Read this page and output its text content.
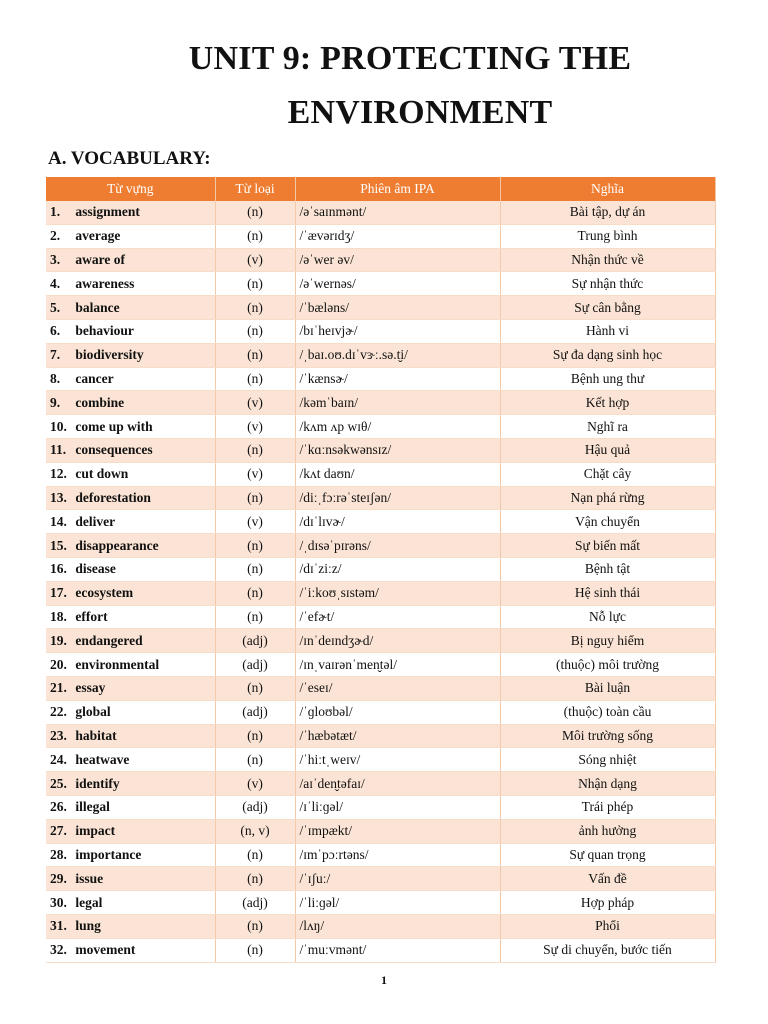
UNIT 9: PROTECTING THE
ENVIRONMENT
A. VOCABULARY:
Từ vựng	Từ loại	Phiên âm IPA	Nghĩa
1. assignment	(n)	/əˈsaɪnmənt/	Bài tập, dự án
2. average	(n)	/ˈævərɪdʒ/	Trung bình
3. aware of	(v)	/əˈwer əv/	Nhận thức về
4. awareness	(n)	/əˈwernəs/	Sự nhận thức
5. balance	(n)	/ˈbæləns/	Sự cân bằng
6. behaviour	(n)	/bɪˈheɪvjɚ/	Hành vi
7. biodiversity	(n)	/ˌbaɪ.oʊ.dɪˈvɝː.sə.t̬i/	Sự đa dạng sinh học
8. cancer	(n)	/ˈkænsɚ/	Bệnh ung thư
9. combine	(v)	/kəmˈbaɪn/	Kết hợp
10. come up with	(v)	/kʌm ʌp wɪθ/	Nghĩ ra
11. consequences	(n)	/ˈkɑːnsəkwənsɪz/	Hậu quả
12. cut down	(v)	/kʌt daʊn/	Chặt cây
13. deforestation	(n)	/diːˌfɔːrəˈsteɪʃən/	Nạn phá rừng
14. deliver	(v)	/dɪˈlɪvɚ/	Vận chuyển
15. disappearance	(n)	/ˌdɪsəˈpɪrəns/	Sự biến mất
16. disease	(n)	/dɪˈziːz/	Bệnh tật
17. ecosystem	(n)	/ˈiːkoʊˌsɪstəm/	Hệ sinh thái
18. effort	(n)	/ˈefɚt/	Nỗ lực
19. endangered	(adj)	/ɪnˈdeɪndʒɚd/	Bị nguy hiểm
20. environmental	(adj)	/ɪnˌvaɪrənˈmen̬təl/	(thuộc) môi trường
21. essay	(n)	/ˈeseɪ/	Bài luận
22. global	(adj)	/ˈɡloʊbəl/	(thuộc) toàn cầu
23. habitat	(n)	/ˈhæbətæt/	Môi trường sống
24. heatwave	(n)	/ˈhiːtˌweɪv/	Sóng nhiệt
25. identify	(v)	/aɪˈden̬təfaɪ/	Nhận dạng
26. illegal	(adj)	/ɪˈliːɡəl/	Trái phép
27. impact	(n, v)	/ˈɪmpækt/	ảnh hưởng
28. importance	(n)	/ɪmˈpɔːrtəns/	Sự quan trọng
29. issue	(n)	/ˈɪʃuː/	Vấn đề
30. legal	(adj)	/ˈliːɡəl/	Hợp pháp
31. lung	(n)	/lʌŋ/	Phổi
32. movement	(n)	/ˈmuːvmənt/	Sự di chuyển, bước tiến
1
